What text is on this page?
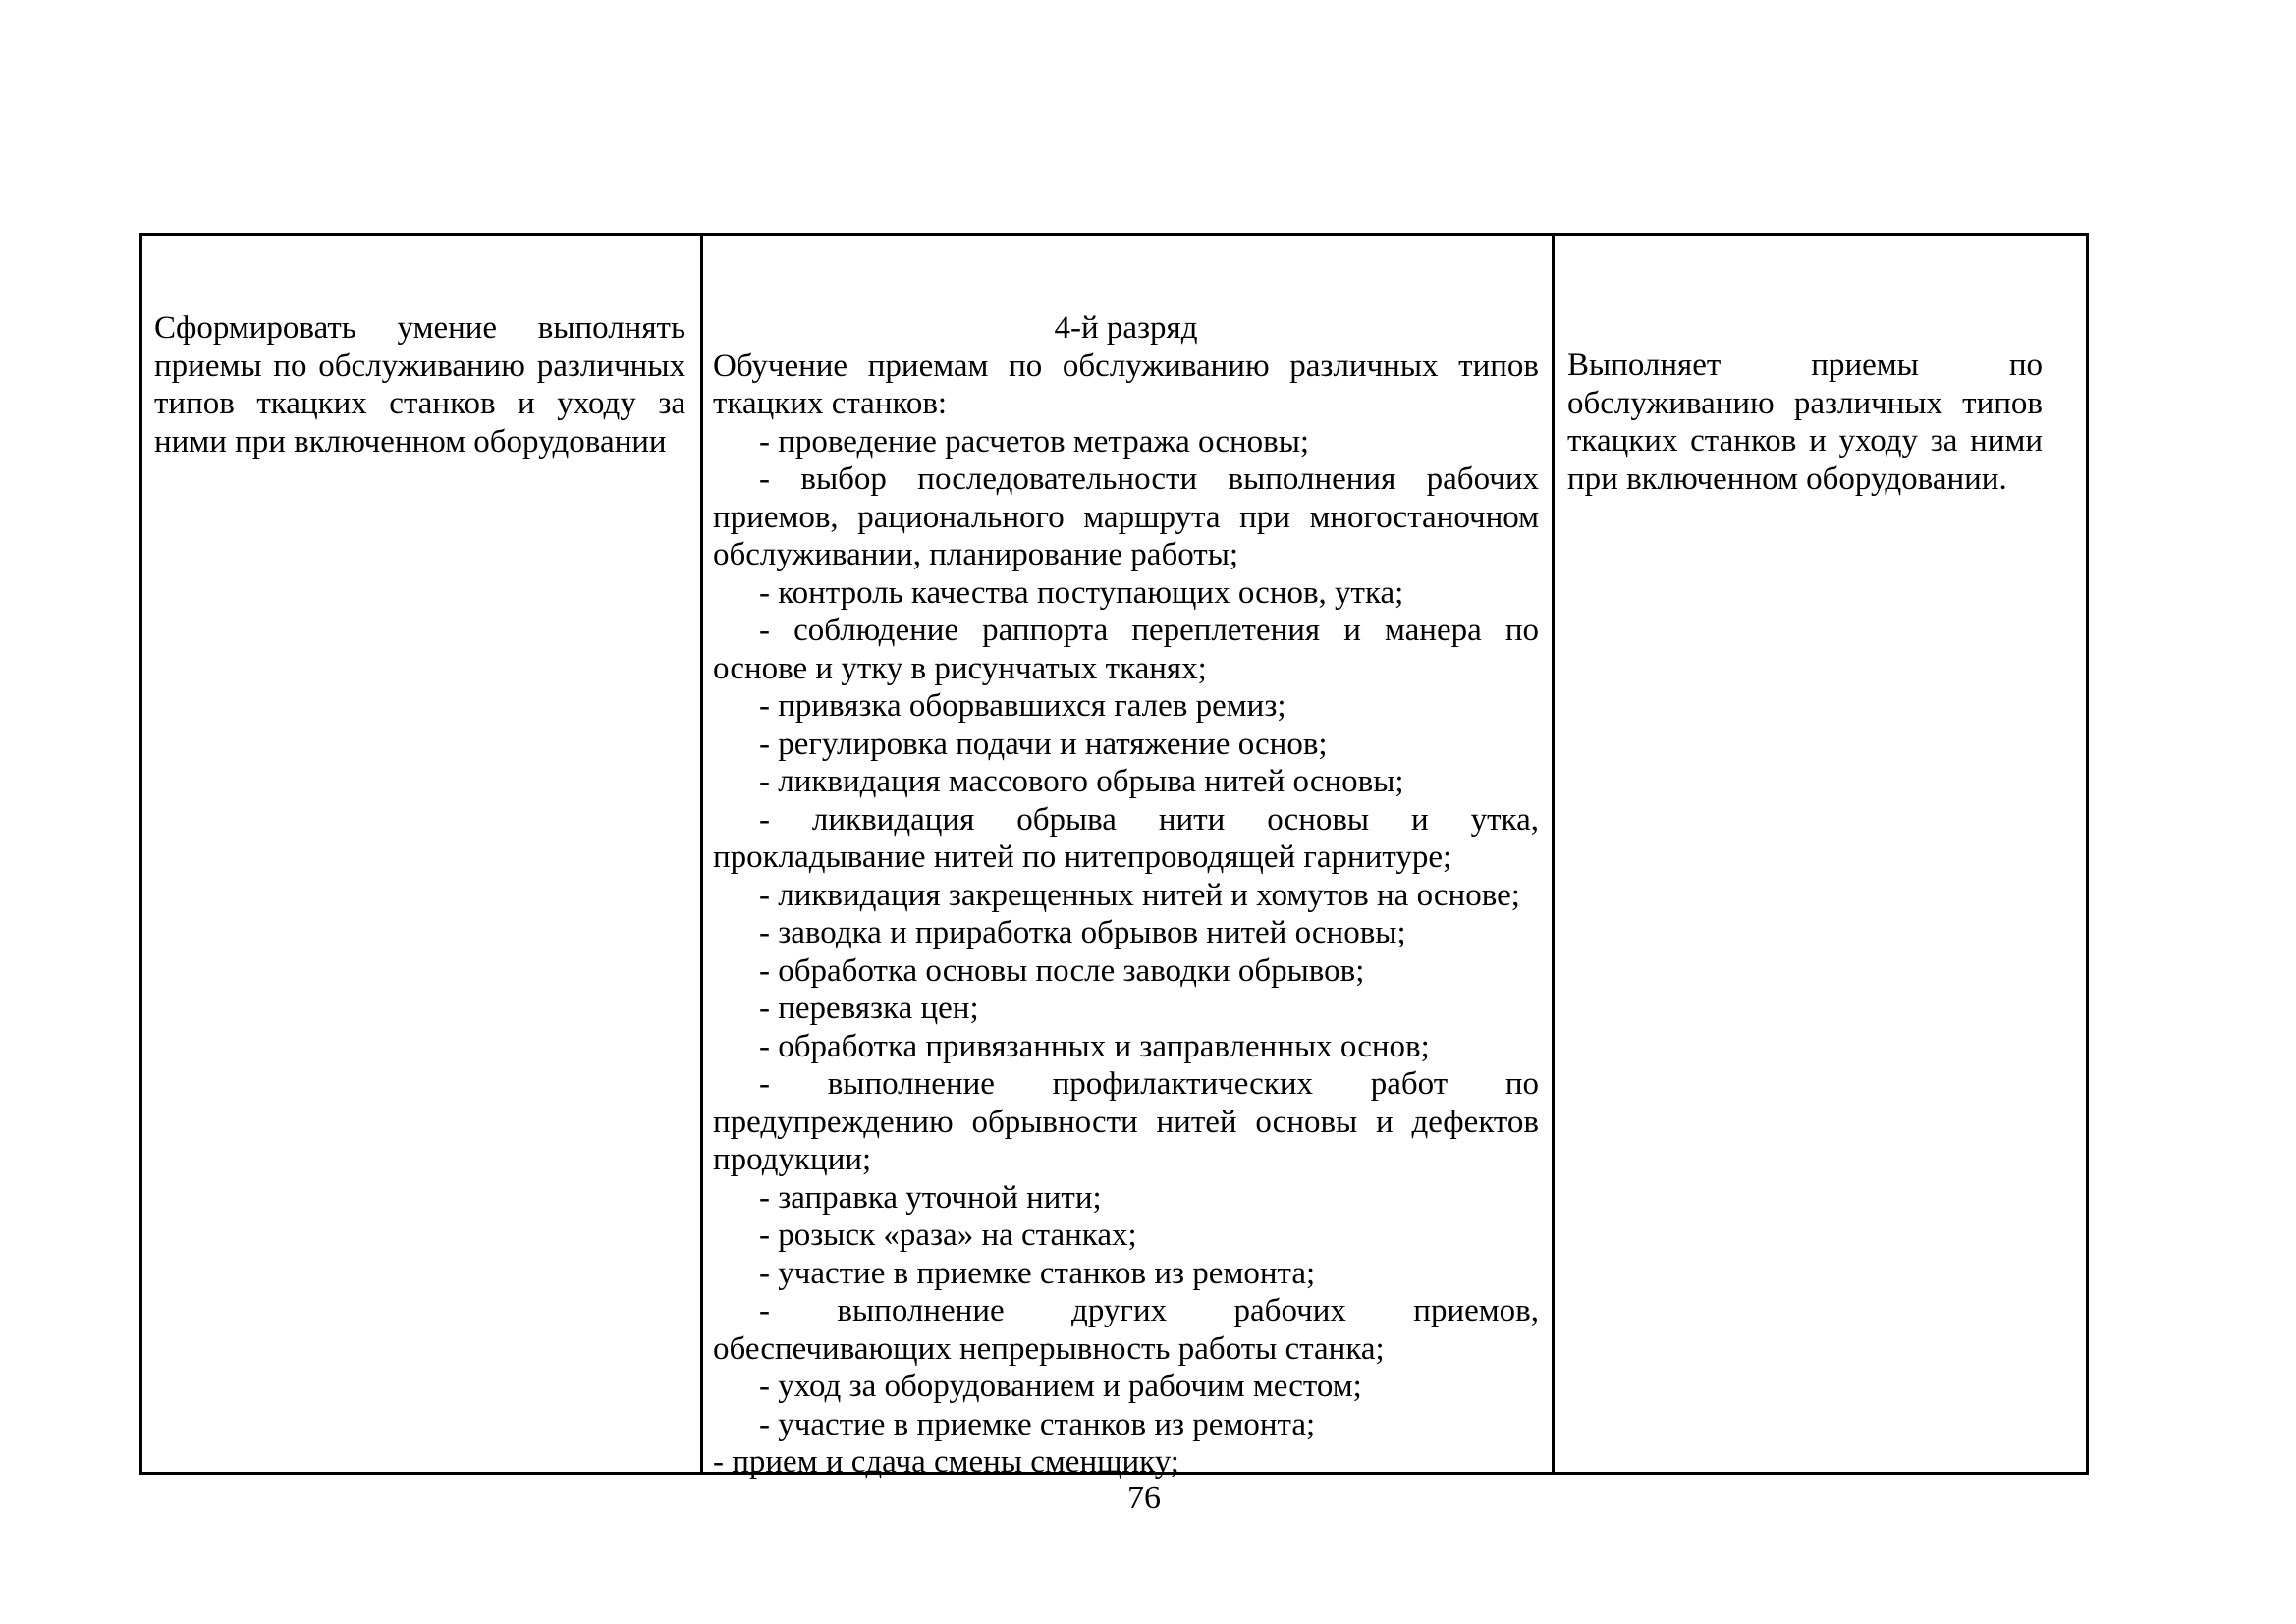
Сформировать умение выполнять
приемы по обслуживанию различных
типов ткацких станков и уходу за
ними при включенном оборудовании
4-й разряд
Обучение приемам по обслуживанию различных типов
ткацких станков:
- проведение расчетов метража основы;
- выбор последовательности выполнения рабочих
приемов, рационального маршрута при многостаночном
обслуживании, планирование работы;
- контроль качества поступающих основ, утка;
- соблюдение раппорта переплетения и манера по
основе и утку в рисунчатых тканях;
- привязка оборвавшихся галев ремиз;
- регулировка подачи и натяжение основ;
- ликвидация массового обрыва нитей основы;
- ликвидация обрыва нити основы и утка,
прокладывание нитей по нитепроводящей гарнитуре;
- ликвидация закрещенных нитей и хомутов на основе;
- заводка и приработка обрывов нитей основы;
- обработка основы после заводки обрывов;
- перевязка цен;
- обработка привязанных и заправленных основ;
- выполнение профилактических работ по
предупреждению обрывности нитей основы и дефектов
продукции;
- заправка уточной нити;
- розыск «раза» на станках;
- участие в приемке станков из ремонта;
- выполнение других рабочих приемов,
обеспечивающих непрерывность работы станка;
- уход за оборудованием и рабочим местом;
- участие в приемке станков из ремонта;
- прием и сдача смены сменщику;
Выполняет приемы по
обслуживанию различных типов
ткацких станков и уходу за ними
при включенном оборудовании.
76
